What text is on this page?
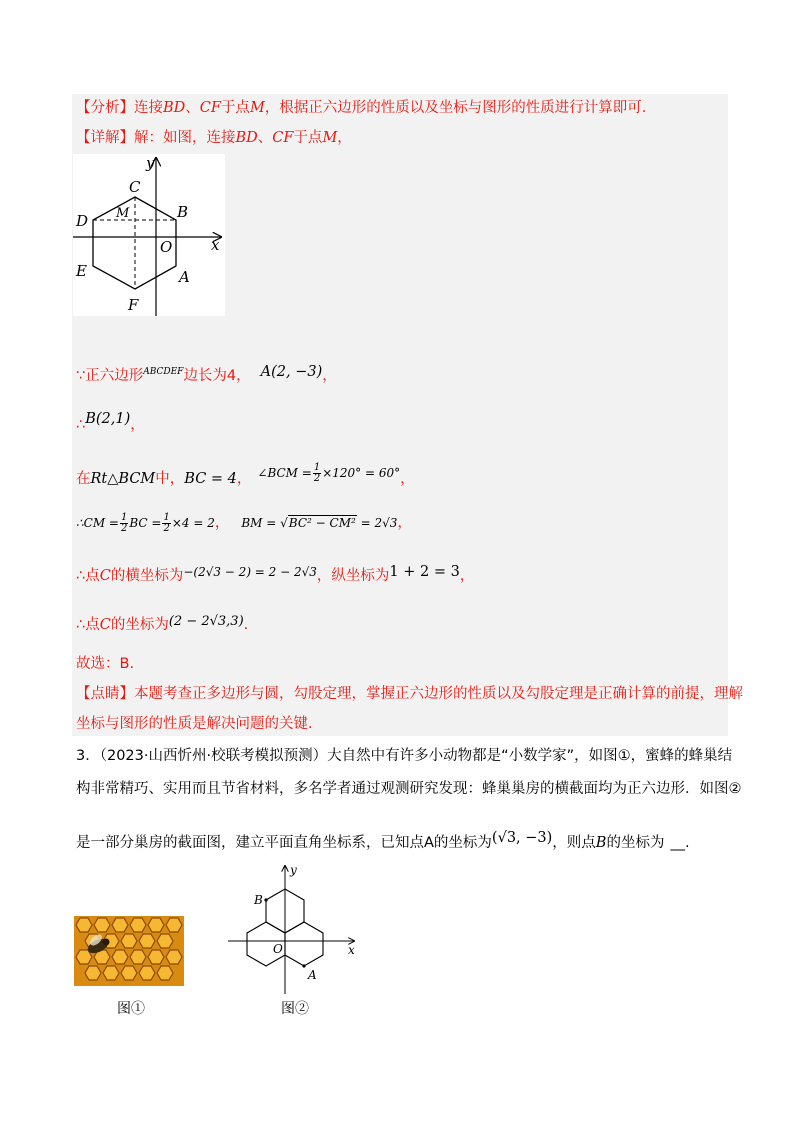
【分析】连接BD、CF于点M，根据正六边形的性质以及坐标与图形的性质进行计算即可.
【详解】解：如图，连接BD、CF于点M，
y
x
C
D M	B
O
E	A
F
∵正六边形$^{ABCDEF}$边长为4， A(2, −3)，
∴B(2,1)，
在Rt△BCM中，BC = 4， $^{\angle BCM = \frac{1}{2} \times 120^\circ = 60^\circ}$，
∴CM = $\frac{1}{2}$ BC = $\frac{1}{2} \times 4 = 2$， BM = √BC² − CM² = 2√3，
∴点C的横坐标为$^{-(2√3 - 2) = 2 - 2√3}$，纵坐标为1 + 2 = 3，
∴点C的坐标为(2 − 2√3,3).
故选：B.
【点睛】本题考查正多边形与圆，勾股定理，掌握正六边形的性质以及勾股定理是正确计算的前提，理解
坐标与图形的性质是解决问题的关键.
3．（2023·山西忻州·校联考模拟预测）大自然中有许多小动物都是“小数学家”，如图①，蜜蜂的蜂巢结
构非常精巧、实用而且节省材料，多名学者通过观测研究发现：蜂巢巢房的横截面均为正六边形．如图②
是一部分巢房的截面图，建立平面直角坐标系，已知点A的坐标为(√3, −3)，则点B的坐标为 __.
y
x
B
O
A
图①	图②
